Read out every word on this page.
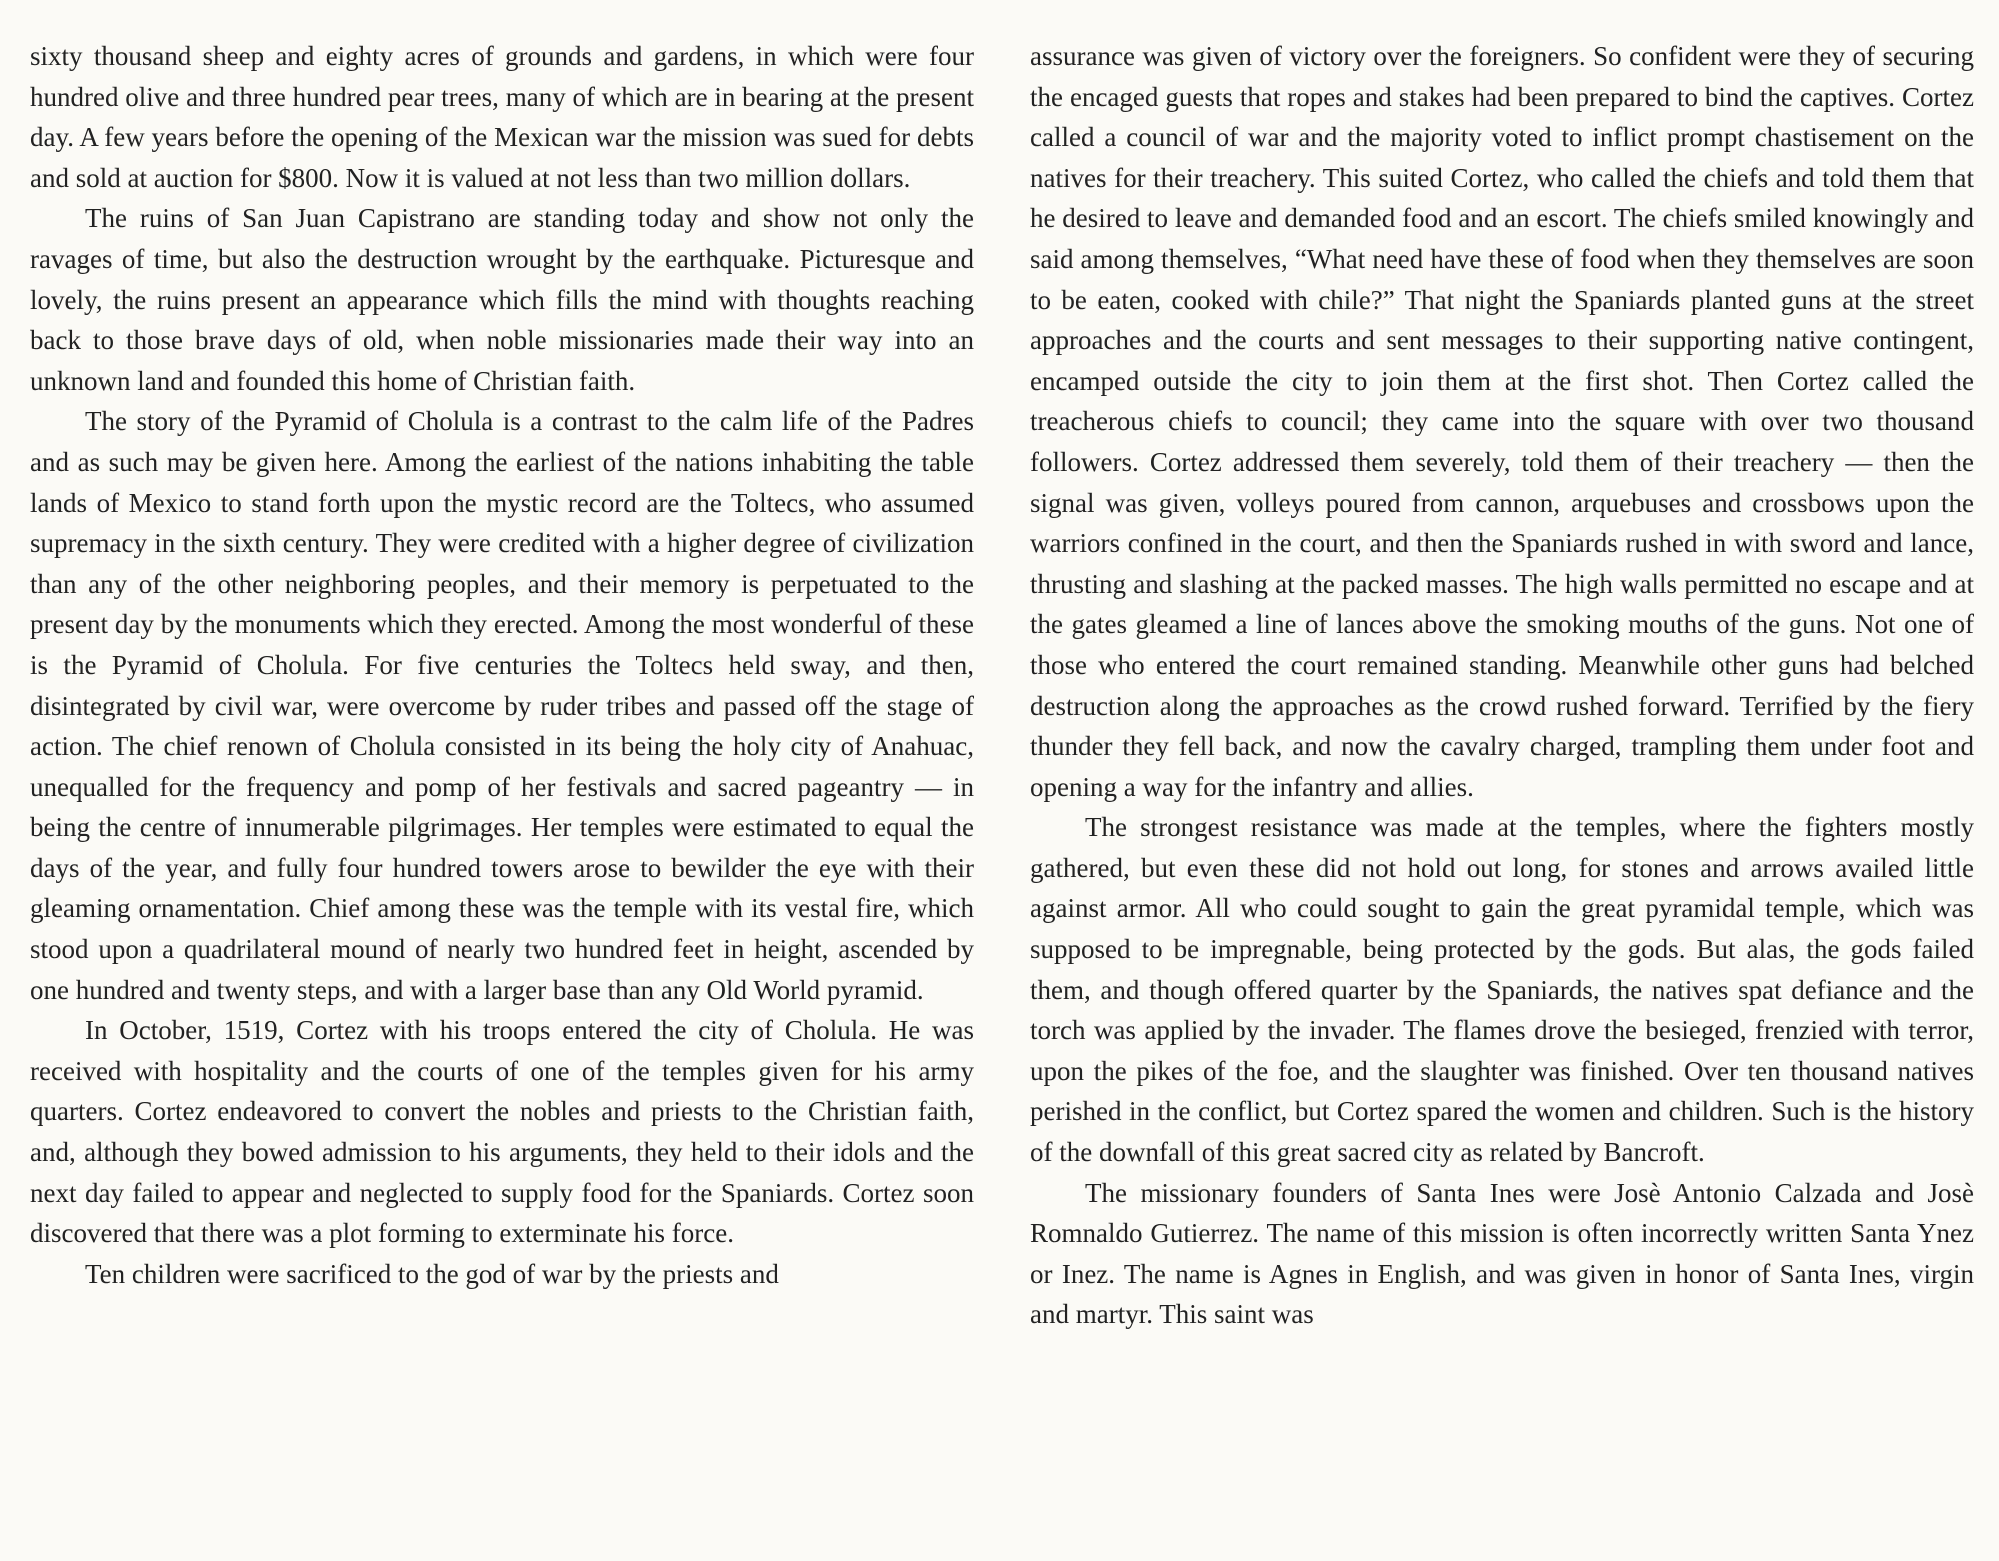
sixty thousand sheep and eighty acres of grounds and gardens, in which were four hundred olive and three hundred pear trees, many of which are in bearing at the present day. A few years before the opening of the Mexican war the mission was sued for debts and sold at auction for $800. Now it is valued at not less than two million dollars.

The ruins of San Juan Capistrano are standing today and show not only the ravages of time, but also the destruction wrought by the earthquake. Picturesque and lovely, the ruins present an appearance which fills the mind with thoughts reaching back to those brave days of old, when noble missionaries made their way into an unknown land and founded this home of Christian faith.

The story of the Pyramid of Cholula is a contrast to the calm life of the Padres and as such may be given here. Among the earliest of the nations inhabiting the table lands of Mexico to stand forth upon the mystic record are the Toltecs, who assumed supremacy in the sixth century. They were credited with a higher degree of civilization than any of the other neighboring peoples, and their memory is perpetuated to the present day by the monuments which they erected. Among the most wonderful of these is the Pyramid of Cholula. For five centuries the Toltecs held sway, and then, disintegrated by civil war, were overcome by ruder tribes and passed off the stage of action. The chief renown of Cholula consisted in its being the holy city of Anahuac, unequalled for the frequency and pomp of her festivals and sacred pageantry — in being the centre of innumerable pilgrimages. Her temples were estimated to equal the days of the year, and fully four hundred towers arose to bewilder the eye with their gleaming ornamentation. Chief among these was the temple with its vestal fire, which stood upon a quadrilateral mound of nearly two hundred feet in height, ascended by one hundred and twenty steps, and with a larger base than any Old World pyramid.

In October, 1519, Cortez with his troops entered the city of Cholula. He was received with hospitality and the courts of one of the temples given for his army quarters. Cortez endeavored to convert the nobles and priests to the Christian faith, and, although they bowed admission to his arguments, they held to their idols and the next day failed to appear and neglected to supply food for the Spaniards. Cortez soon discovered that there was a plot forming to exterminate his force.

Ten children were sacrificed to the god of war by the priests and

assurance was given of victory over the foreigners. So confident were they of securing the encaged guests that ropes and stakes had been prepared to bind the captives. Cortez called a council of war and the majority voted to inflict prompt chastisement on the natives for their treachery. This suited Cortez, who called the chiefs and told them that he desired to leave and demanded food and an escort. The chiefs smiled knowingly and said among themselves, “What need have these of food when they themselves are soon to be eaten, cooked with chile?” That night the Spaniards planted guns at the street approaches and the courts and sent messages to their supporting native contingent, encamped outside the city to join them at the first shot. Then Cortez called the treacherous chiefs to council; they came into the square with over two thousand followers. Cortez addressed them severely, told them of their treachery — then the signal was given, volleys poured from cannon, arquebuses and crossbows upon the warriors confined in the court, and then the Spaniards rushed in with sword and lance, thrusting and slashing at the packed masses. The high walls permitted no escape and at the gates gleamed a line of lances above the smoking mouths of the guns. Not one of those who entered the court remained standing. Meanwhile other guns had belched destruction along the approaches as the crowd rushed forward. Terrified by the fiery thunder they fell back, and now the cavalry charged, trampling them under foot and opening a way for the infantry and allies.

The strongest resistance was made at the temples, where the fighters mostly gathered, but even these did not hold out long, for stones and arrows availed little against armor. All who could sought to gain the great pyramidal temple, which was supposed to be impregnable, being protected by the gods. But alas, the gods failed them, and though offered quarter by the Spaniards, the natives spat defiance and the torch was applied by the invader. The flames drove the besieged, frenzied with terror, upon the pikes of the foe, and the slaughter was finished. Over ten thousand natives perished in the conflict, but Cortez spared the women and children. Such is the history of the downfall of this great sacred city as related by Bancroft.

The missionary founders of Santa Ines were Josè Antonio Calzada and Josè Romnaldo Gutierrez. The name of this mission is often incorrectly written Santa Ynez or Inez. The name is Agnes in English, and was given in honor of Santa Ines, virgin and martyr. This saint was
